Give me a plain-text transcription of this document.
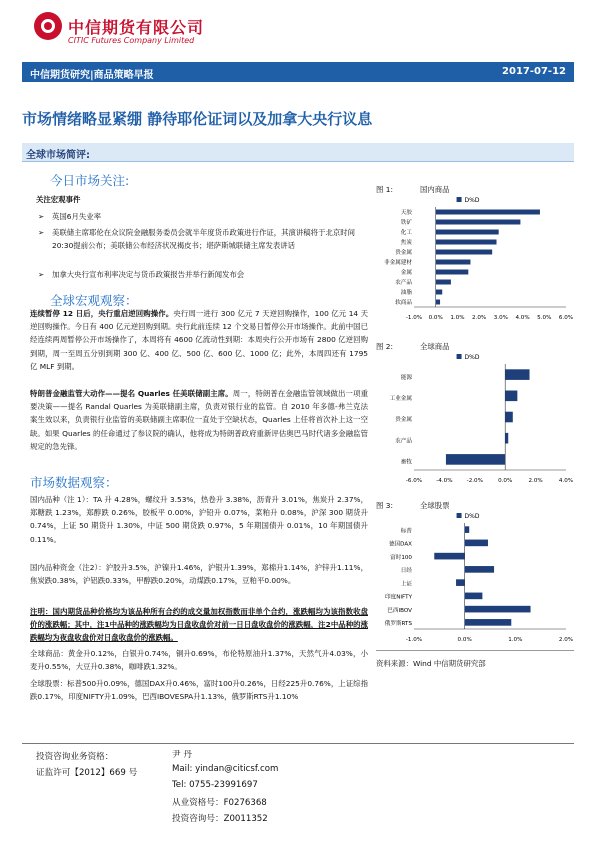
中信期货有限公司
CITIC Futures Company Limited
中信期货研究|商品策略早报	2017-07-12
市场情绪略显紧绷 静待耶伦证词以及加拿大央行议息
全球市场简评:
今日市场关注:
关注宏观事件
➢ 英国6月失业率
➢ 美联储主席耶伦在众议院金融服务委员会就半年度货币政策进行作证，其演讲稿将于北京时间20:30提前公布；美联储公布经济状况褐皮书；堪萨斯城联储主席发表讲话
➢ 加拿大央行宣布利率决定与货币政策报告并举行新闻发布会
全球宏观观察：
连续暂停 12 日后，央行重启逆回购操作。央行周一进行 300 亿元 7 天逆回购操作，100 亿元 14 天逆回购操作。今日有 400 亿元逆回购到期。央行此前连续 12 个交易日暂停公开市场操作。此前中国已经连续两周暂停公开市场操作了，本周将有 4600 亿流动性到期：本周央行公开市场有 2800 亿逆回购到期，周一至周五分别到期 300 亿、400 亿、500 亿、600 亿、1000 亿；此外，本周四还有 1795 亿 MLF 到期。
特朗普金融监管大动作——提名 Quarles 任美联储副主席。周一，特朗普在金融监管领域做出一项重要决策——提名 Randal Quarles 为美联储副主席，负责对银行业的监管。自 2010 年多德-弗兰克法案生效以来，负责银行业监管的美联储副主席职位一直处于空缺状态，Quarles 上任将首次补上这一空缺。如果 Quarles 的任命通过了参议院的确认，他将成为特朗普政府重新评估奥巴马时代诸多金融监管规定的急先锋。
市场数据观察：
国内品种（注 1）：TA 升 4.28%，螺纹升 3.53%，热卷升 3.38%，沥青升 3.01%，焦炭升 2.37%，郑糖跌 1.23%，郑醇跌 0.26%，胶板平 0.00%，沪铅升 0.07%，菜粕升 0.08%，沪深 300 期货升 0.74%，上证 50 期货升 1.30%，中证 500 期货跌 0.97%，5 年期国债升 0.01%，10 年期国债升 0.11%。
国内品种资金（注2）：沪胶升3.5%，沪镍升1.46%，沪银升1.39%，郑棉升1.14%，沪锌升1.11%，焦炭跌0.38%，沪铝跌0.33%，甲醇跌0.20%，动煤跌0.17%，豆粕平0.00%。
注明：国内期货品种价格均为该品种所有合约的成交量加权指数而非单个合约，涨跌幅均为该指数收盘价的涨跌幅；其中，注1中品种的涨跌幅均为日盘收盘价对前一日日盘收盘价的涨跌幅，注2中品种的涨跌幅均为夜盘收盘价对日盘收盘价的涨跌幅。
全球商品：黄金升0.12%，白银升0.74%，铜升0.69%，布伦特原油升1.37%，天然气升4.03%，小麦升0.55%，大豆升0.38%，咖啡跌1.32%。
全球股票：标普500升0.09%，德国DAX升0.46%，富时100升0.26%，日经225升0.76%，上证综指跌0.17%，印度NIFTY升1.09%，巴西IBOVESPA升1.13%，俄罗斯RTS升1.10%
图 1:	国内商品
D%D
-1.0% 0.0% 1.0% 2.0% 3.0% 4.0% 5.0% 6.0%
天胶
铁矿
化工
焦炭
贵金属
非金属建材
金属
农产品
油脂
软商品
图 2:	全球商品
D%D
-6.0%	-4.0%	-2.0%	0.0%	2.0%	4.0%
能源
工业金属
贵金属
农产品
畜牧
图 3:	全球股票
D%D
-1.0%	0.0%	1.0%	2.0%
标普
德国DAX
富时100
日经
上证
印度NIFTY
巴西IBOV
俄罗斯RTS
资料来源：Wind 中信期货研究部
投资咨询业务资格：
证监许可【2012】669 号
尹 丹
Mail: yindan@citicsf.com
Tel: 0755-23991697
从业资格号：F0276368
投资咨询号：Z0011352
